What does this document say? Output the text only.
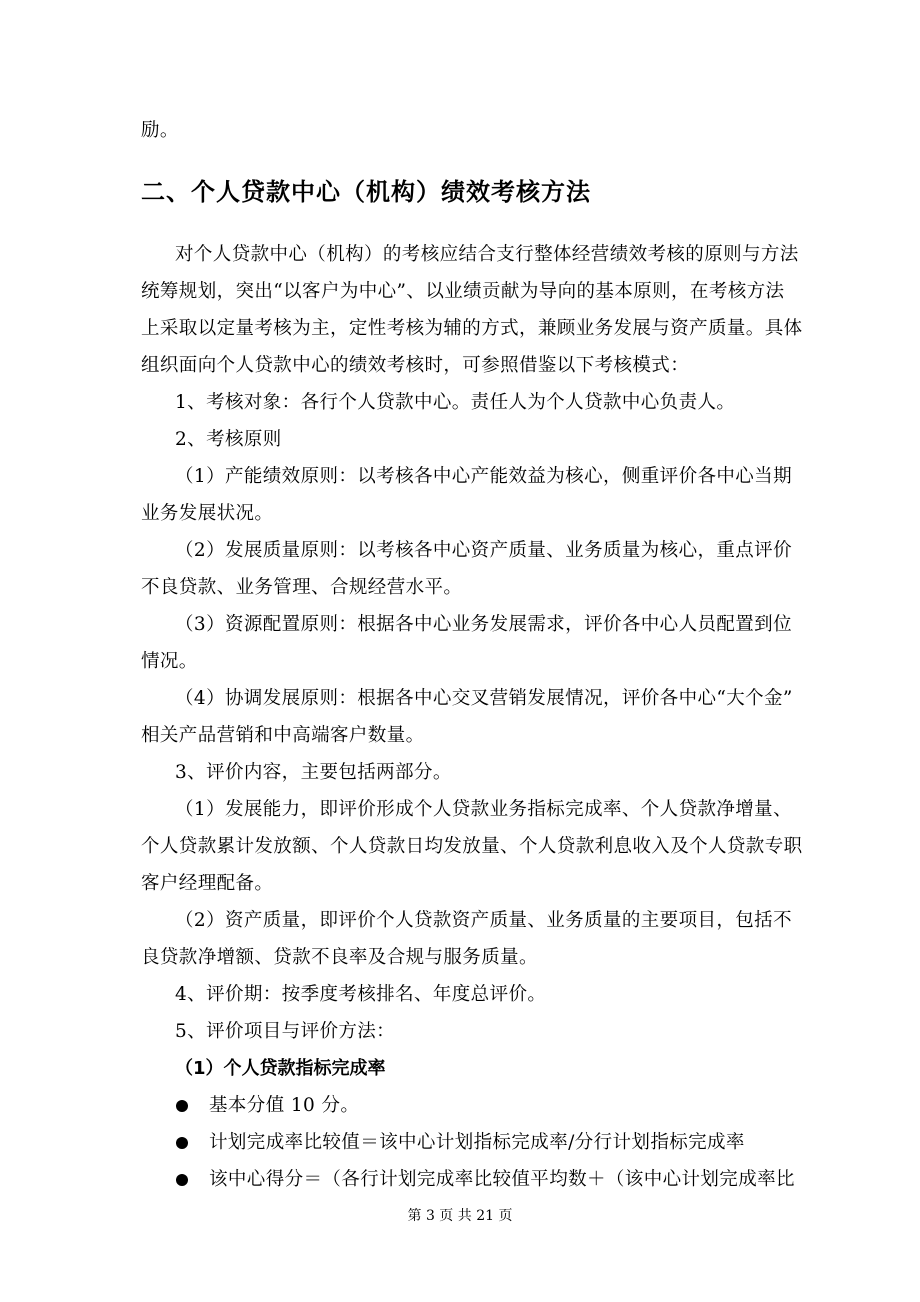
励。
二、个人贷款中心（机构）绩效考核方法
对个人贷款中心（机构）的考核应结合支行整体经营绩效考核的原则与方法
统筹规划，突出“以客户为中心”、以业绩贡献为导向的基本原则，在考核方法
上采取以定量考核为主，定性考核为辅的方式，兼顾业务发展与资产质量。具体
组织面向个人贷款中心的绩效考核时，可参照借鉴以下考核模式：
1、考核对象：各行个人贷款中心。责任人为个人贷款中心负责人。
2、考核原则
（1）产能绩效原则：以考核各中心产能效益为核心，侧重评价各中心当期
业务发展状况。
（2）发展质量原则：以考核各中心资产质量、业务质量为核心，重点评价
不良贷款、业务管理、合规经营水平。
（3）资源配置原则：根据各中心业务发展需求，评价各中心人员配置到位
情况。
（4）协调发展原则：根据各中心交叉营销发展情况，评价各中心“大个金”
相关产品营销和中高端客户数量。
3、评价内容，主要包括两部分。
（1）发展能力，即评价形成个人贷款业务指标完成率、个人贷款净增量、
个人贷款累计发放额、个人贷款日均发放量、个人贷款利息收入及个人贷款专职
客户经理配备。
（2）资产质量，即评价个人贷款资产质量、业务质量的主要项目，包括不
良贷款净增额、贷款不良率及合规与服务质量。
4、评价期：按季度考核排名、年度总评价。
5、评价项目与评价方法：
（1）个人贷款指标完成率
基本分值 10 分。
计划完成率比较值＝该中心计划指标完成率/分行计划指标完成率
该中心得分＝（各行计划完成率比较值平均数＋（该中心计划完成率比
第 3 页 共 21 页
